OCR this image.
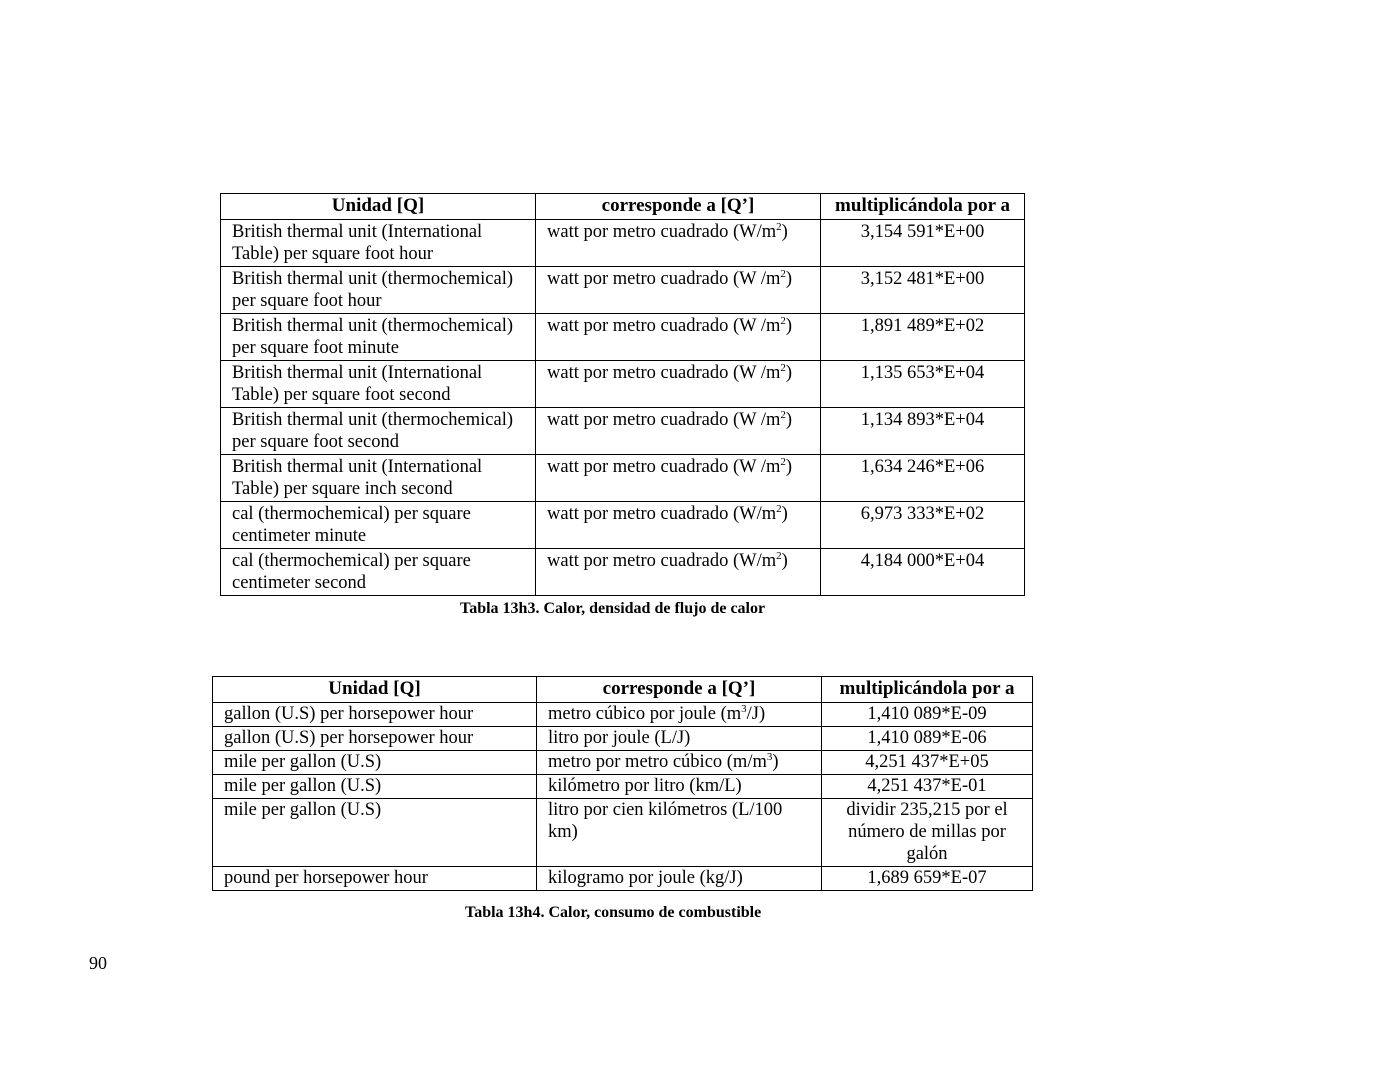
Unidad [Q]	corresponde a [Q’]	multiplicándola por a
British thermal unit (International Table) per square foot hour	watt por metro cuadrado $(W/m^2)$	3,154 591*E+00
British thermal unit (thermochemical) per square foot hour	watt por metro cuadrado (W $/m^2$)	3,152 481*E+00
British thermal unit (thermochemical) per square foot minute	watt por metro cuadrado (W $/m^2$)	1,891 489*E+02
British thermal unit (International Table) per square foot second	watt por metro cuadrado (W $/m^2$)	1,135 653*E+04
British thermal unit (thermochemical) per square foot second	watt por metro cuadrado (W $/m^2$)	1,134 893*E+04
British thermal unit (International Table) per square inch second	watt por metro cuadrado (W $/m^2$)	1,634 246*E+06
cal (thermochemical) per square centimeter minute	watt por metro cuadrado $(W/m^2)$	6,973 333*E+02
cal (thermochemical) per square centimeter second	watt por metro cuadrado $(W/m^2)$	4,184 000*E+04
Tabla 13h3. Calor, densidad de flujo de calor
Unidad [Q]	corresponde a [Q’]	multiplicándola por a
gallon (U.S) per horsepower hour	metro cúbico por joule $(m^3/J)$	1,410 089*E-09
gallon (U.S) per horsepower hour	litro por joule (L/J)	1,410 089*E-06
mile per gallon (U.S)	metro por metro cúbico $(m/m^3)$	4,251 437*E+05
mile per gallon (U.S)	kilómetro por litro (km/L)	4,251 437*E-01
mile per gallon (U.S)	litro por cien kilómetros (L/100 km)	dividir 235,215 por el número de millas por galón
pound per horsepower hour	kilogramo por joule (kg/J)	1,689 659*E-07
Tabla 13h4. Calor, consumo de combustible
90
